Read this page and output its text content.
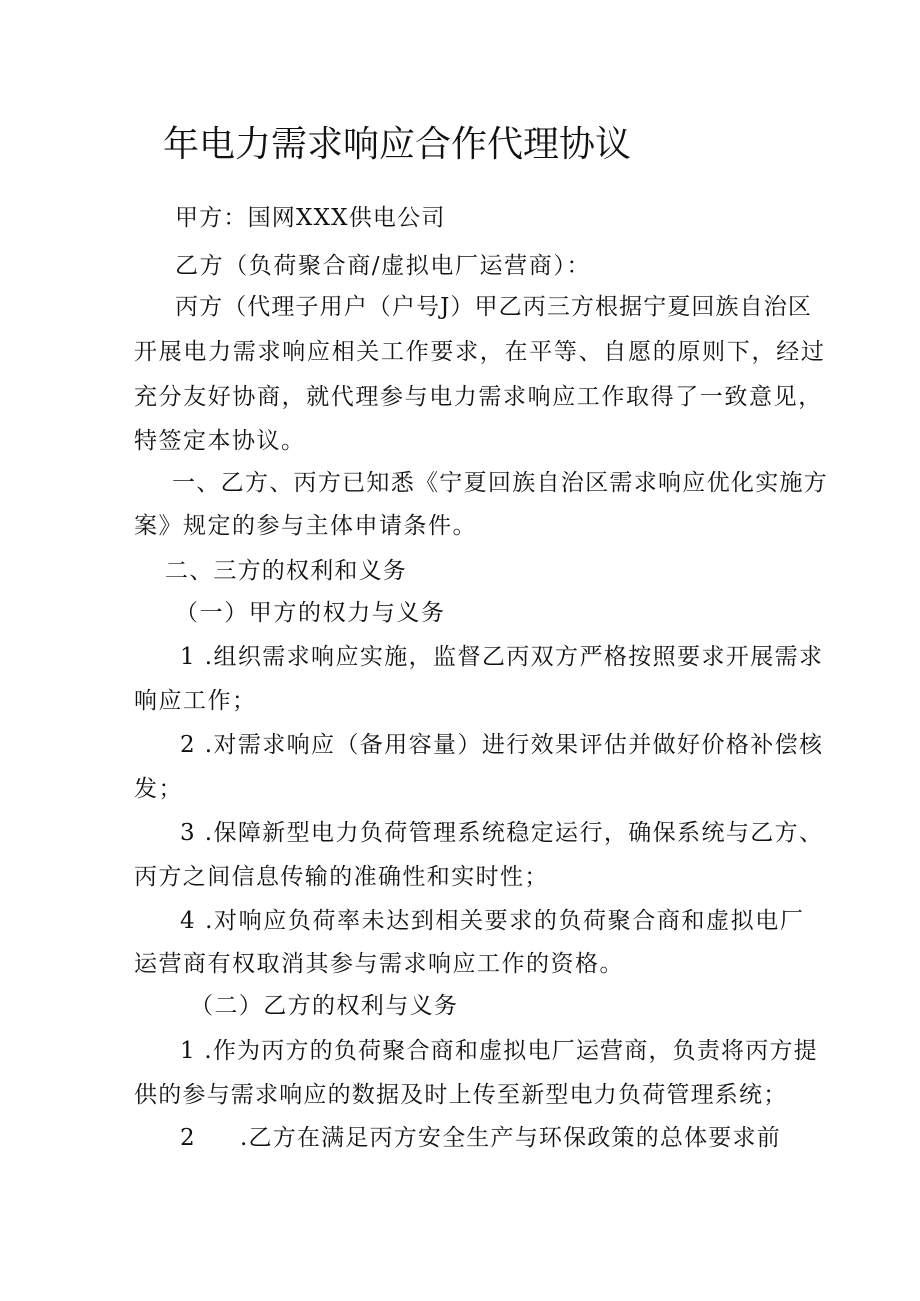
年电力需求响应合作代理协议
甲方：国网XXX供电公司
乙方（负荷聚合商/虚拟电厂运营商）：
丙方（代理子用户（户号J）甲乙丙三方根据宁夏回族自治区
开展电力需求响应相关工作要求，在平等、自愿的原则下，经过
充分友好协商，就代理参与电力需求响应工作取得了一致意见，
特签定本协议。
一、乙方、丙方已知悉《宁夏回族自治区需求响应优化实施方
案》规定的参与主体申请条件。
二、三方的权利和义务
（一）甲方的权力与义务
1 .组织需求响应实施，监督乙丙双方严格按照要求开展需求
响应工作；
2 .对需求响应（备用容量）进行效果评估并做好价格补偿核
发；
3 .保障新型电力负荷管理系统稳定运行，确保系统与乙方、
丙方之间信息传输的准确性和实时性；
4 .对响应负荷率未达到相关要求的负荷聚合商和虚拟电厂
运营商有权取消其参与需求响应工作的资格。
（二）乙方的权利与义务
1 .作为丙方的负荷聚合商和虚拟电厂运营商，负责将丙方提
供的参与需求响应的数据及时上传至新型电力负荷管理系统；
2 .乙方在满足丙方安全生产与环保政策的总体要求前
